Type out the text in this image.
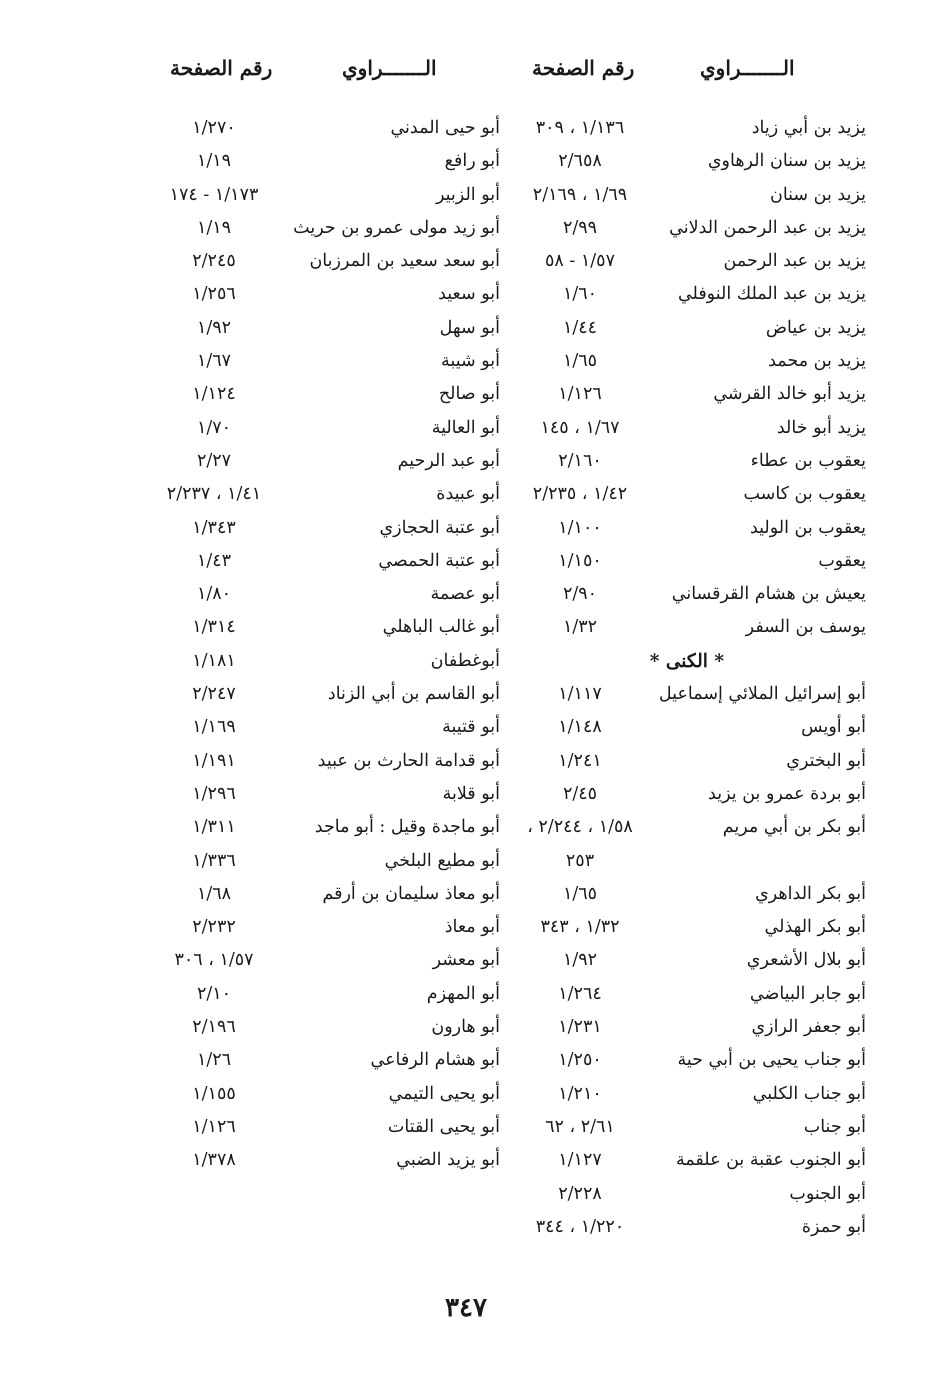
الـــــــراوي
رقم الصفحة
الـــــــراوي
رقم الصفحة
يزيد بن أبي زياد
١/١٣٦ ، ٣٠٩
يزيد بن سنان الرهاوي
٢/٦٥٨
يزيد بن سنان
١/٦٩ ، ٢/١٦٩
يزيد بن عبد الرحمن الدلاني
٢/٩٩
يزيد بن عبد الرحمن
١/٥٧ - ٥٨
يزيد بن عبد الملك النوفلي
١/٦٠
يزيد بن عياض
١/٤٤
يزيد بن محمد
١/٦٥
يزيد أبو خالد القرشي
١/١٢٦
يزيد أبو خالد
١/٦٧ ، ١٤٥
يعقوب بن عطاء
٢/١٦٠
يعقوب بن كاسب
١/٤٢ ، ٢/٢٣٥
يعقوب بن الوليد
١/١٠٠
يعقوب
١/١٥٠
يعيش بن هشام القرقساني
٢/٩٠
يوسف بن السفر
١/٣٢
* الكنى *
أبو إسرائيل الملائي إسماعيل
١/١١٧
أبو أويس
١/١٤٨
أبو البختري
١/٢٤١
أبو بردة عمرو بن يزيد
٢/٤٥
أبو بكر بن أبي مريم
١/٥٨ ، ٢/٢٤٤ ،
٢٥٣
أبو بكر الداهري
١/٦٥
أبو بكر الهذلي
١/٣٢ ، ٣٤٣
أبو بلال الأشعري
١/٩٢
أبو جابر البياضي
١/٢٦٤
أبو جعفر الرازي
١/٢٣١
أبو جناب يحيى بن أبي حية
١/٢٥٠
أبو جناب الكلبي
١/٢١٠
أبو جناب
٢/٦١ ، ٦٢
أبو الجنوب عقبة بن علقمة
١/١٢٧
أبو الجنوب
٢/٢٢٨
أبو حمزة
١/٢٢٠ ، ٣٤٤
أبو حيى المدني
١/٢٧٠
أبو رافع
١/١٩
أبو الزبير
١/١٧٣ - ١٧٤
أبو زيد مولى عمرو بن حريث
١/١٩
أبو سعد سعيد بن المرزبان
٢/٢٤٥
أبو سعيد
١/٢٥٦
أبو سهل
١/٩٢
أبو شيبة
١/٦٧
أبو صالح
١/١٢٤
أبو العالية
١/٧٠
أبو عبد الرحيم
٢/٢٧
أبو عبيدة
١/٤١ ، ٢/٢٣٧
أبو عتبة الحجازي
١/٣٤٣
أبو عتبة الحمصي
١/٤٣
أبو عصمة
١/٨٠
أبو غالب الباهلي
١/٣١٤
أبوغطفان
١/١٨١
أبو القاسم بن أبي الزناد
٢/٢٤٧
أبو قتيبة
١/١٦٩
أبو قدامة الحارث بن عبيد
١/١٩١
أبو قلابة
١/٢٩٦
أبو ماجدة وقيل : أبو ماجد
١/٣١١
أبو مطيع البلخي
١/٣٣٦
أبو معاذ سليمان بن أرقم
١/٦٨
أبو معاذ
٢/٢٣٢
أبو معشر
١/٥٧ ، ٣٠٦
أبو المهزم
٢/١٠
أبو هارون
٢/١٩٦
أبو هشام الرفاعي
١/٢٦
أبو يحيى التيمي
١/١٥٥
أبو يحيى القتات
١/١٢٦
أبو يزيد الضبي
١/٣٧٨
٣٤٧
